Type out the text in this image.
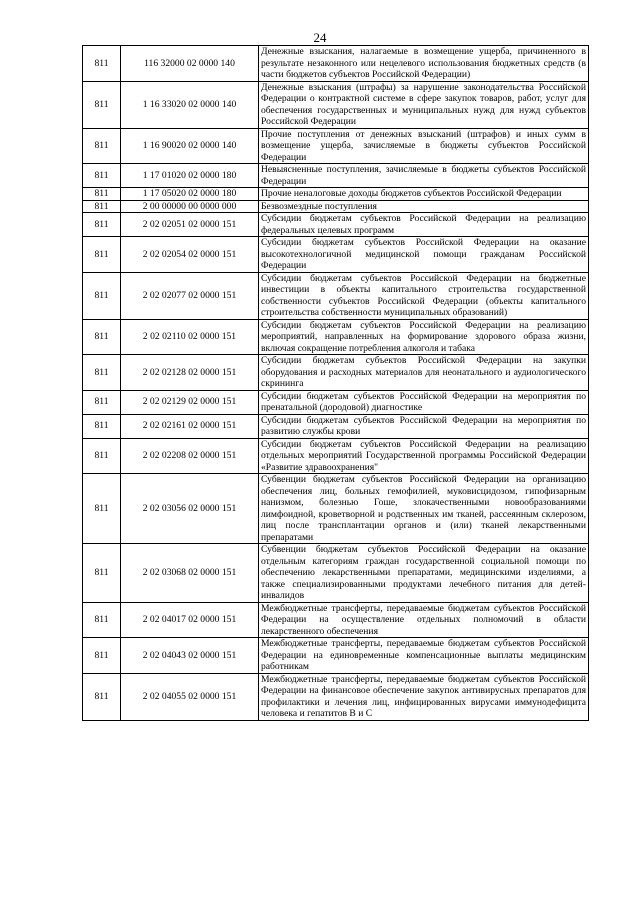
24
811	116 32000 02 0000 140	Денежные взыскания, налагаемые в возмещение ущерба, причиненного в результате незаконного или нецелевого использования бюджетных средств (в части бюджетов субъектов Российской Федерации)
811	1 16 33020 02 0000 140	Денежные взыскания (штрафы) за нарушение законодательства Российской Федерации о контрактной системе в сфере закупок товаров, работ, услуг для обеспечения государственных и муниципальных нужд для нужд субъектов Российской Федерации
811	1 16 90020 02 0000 140	Прочие поступления от денежных взысканий (штрафов) и иных сумм в возмещение ущерба, зачисляемые в бюджеты субъектов Российской Федерации
811	1 17 01020 02 0000 180	Невыясненные поступления, зачисляемые в бюджеты субъектов Российской Федерации
811	1 17 05020 02 0000 180	Прочие неналоговые доходы бюджетов субъектов Российской Федерации
811	2 00 00000 00 0000 000	Безвозмездные поступления
811	2 02 02051 02 0000 151	Субсидии бюджетам субъектов Российской Федерации на реализацию федеральных целевых программ
811	2 02 02054 02 0000 151	Субсидии бюджетам субъектов Российской Федерации на оказание высокотехнологичной медицинской помощи гражданам Российской Федерации
811	2 02 02077 02 0000 151	Субсидии бюджетам субъектов Российской Федерации на бюджетные инвестиции в объекты капитального строительства государственной собственности субъектов Российской Федерации (объекты капитального строительства собственности муниципальных образований)
811	2 02 02110 02 0000 151	Субсидии бюджетам субъектов Российской Федерации на реализацию мероприятий, направленных на формирование здорового образа жизни, включая сокращение потребления алкоголя и табака
811	2 02 02128 02 0000 151	Субсидии бюджетам субъектов Российской Федерации на закупки оборудования и расходных материалов для неонатального и аудиологического скрининга
811	2 02 02129 02 0000 151	Субсидии бюджетам субъектов Российской Федерации на мероприятия по пренатальной (дородовой) диагностике
811	2 02 02161 02 0000 151	Субсидии бюджетам субъектов Российской Федерации на мероприятия по развитию службы крови
811	2 02 02208 02 0000 151	Субсидии бюджетам субъектов Российской Федерации на реализацию отдельных мероприятий Государственной программы Российской Федерации «Развитие здравоохранения"
811	2 02 03056 02 0000 151	Субвенции бюджетам субъектов Российской Федерации на организацию обеспечения лиц, больных гемофилией, муковисцидозом, гипофизарным нанизмом, болезнью Гоше, злокачественными новообразованиями лимфоидной, кроветворной и родственных им тканей, рассеянным склерозом, лиц после трансплантации органов и (или) тканей лекарственными препаратами
811	2 02 03068 02 0000 151	Субвенции бюджетам субъектов Российской Федерации на оказание отдельным категориям граждан государственной социальной помощи по обеспечению лекарственными препаратами, медицинскими изделиями, а также специализированными продуктами лечебного питания для детей-инвалидов
811	2 02 04017 02 0000 151	Межбюджетные трансферты, передаваемые бюджетам субъектов Российской Федерации на осуществление отдельных полномочий в области лекарственного обеспечения
811	2 02 04043 02 0000 151	Межбюджетные трансферты, передаваемые бюджетам субъектов Российской Федерации на единовременные компенсационные выплаты медицинским работникам
811	2 02 04055 02 0000 151	Межбюджетные трансферты, передаваемые бюджетам субъектов Российской Федерации на финансовое обеспечение закупок антивирусных препаратов для профилактики и лечения лиц, инфицированных вирусами иммунодефицита человека и гепатитов В и С
